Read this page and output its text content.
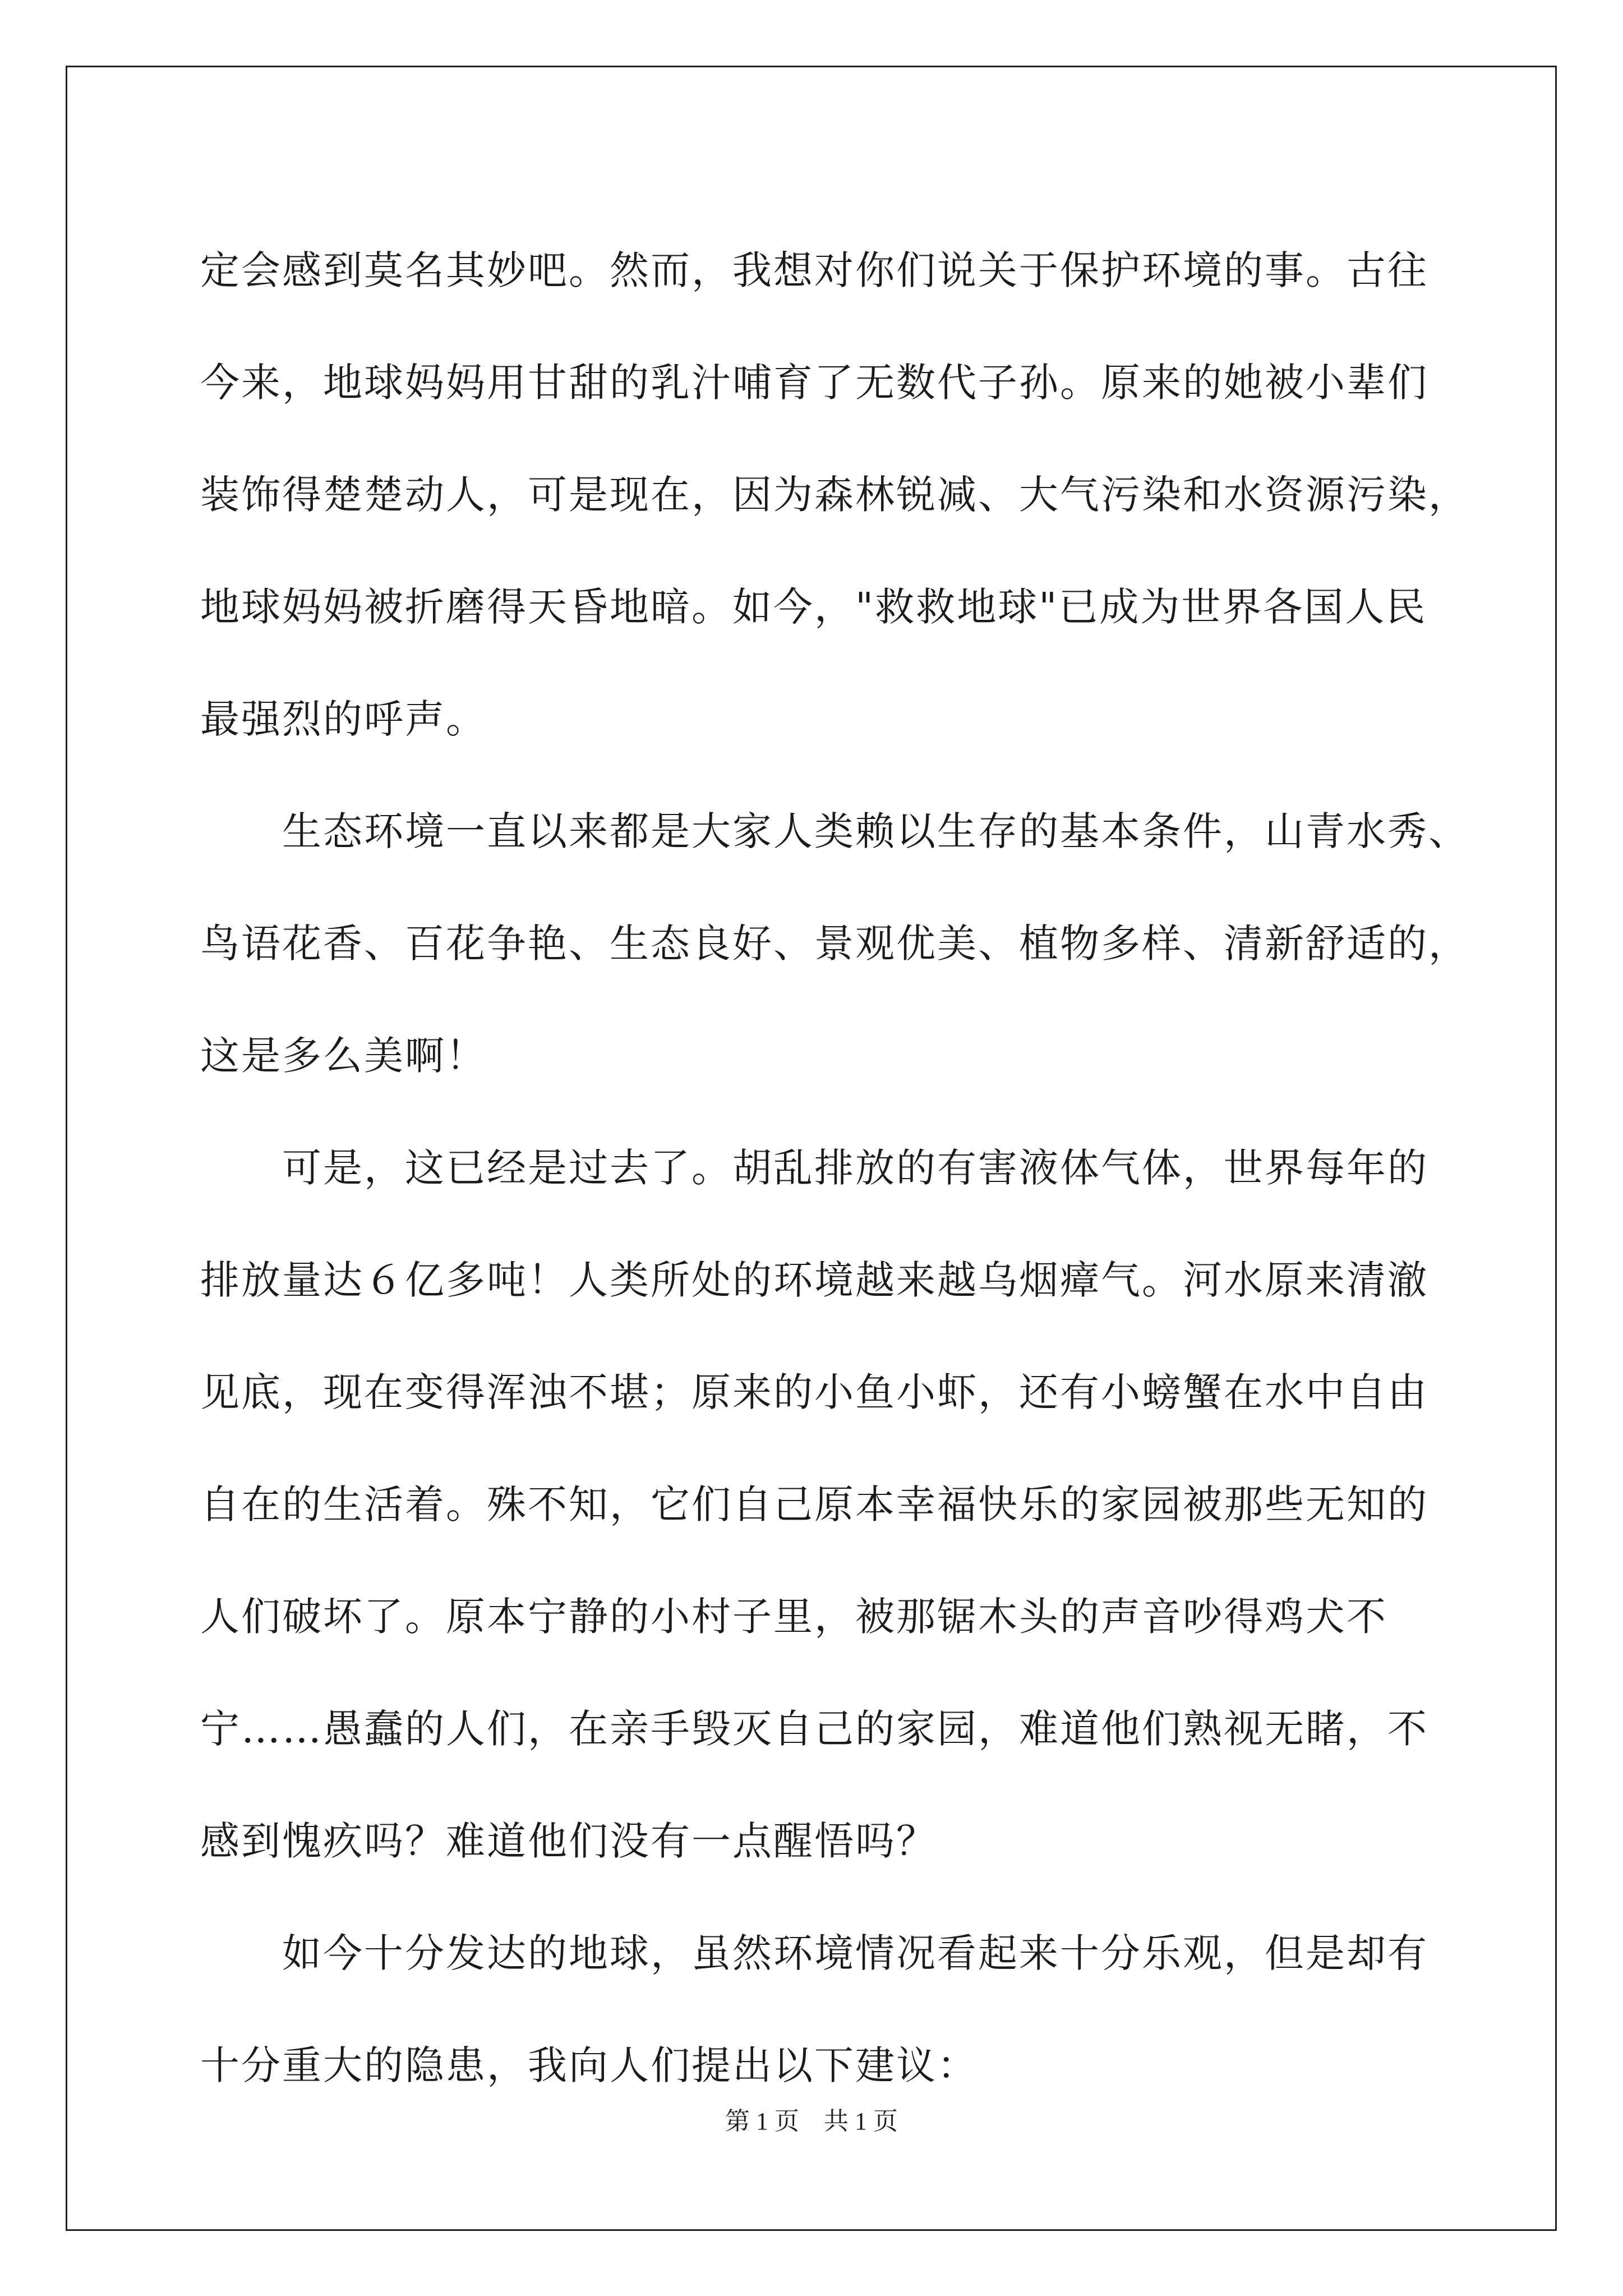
定会感到莫名其妙吧。然而，我想对你们说关于保护环境的事。古往
今来，地球妈妈用甘甜的乳汁哺育了无数代子孙。原来的她被小辈们
装饰得楚楚动人，可是现在，因为森林锐减、大气污染和水资源污染，
地球妈妈被折磨得天昏地暗。如今，"救救地球"已成为世界各国人民
最强烈的呼声。
　　生态环境一直以来都是大家人类赖以生存的基本条件，山青水秀、
鸟语花香、百花争艳、生态良好、景观优美、植物多样、清新舒适的，
这是多么美啊！
　　可是，这已经是过去了。胡乱排放的有害液体气体，世界每年的
排放量达６亿多吨！人类所处的环境越来越乌烟瘴气。河水原来清澈
见底，现在变得浑浊不堪；原来的小鱼小虾，还有小螃蟹在水中自由
自在的生活着。殊不知，它们自己原本幸福快乐的家园被那些无知的
人们破坏了。原本宁静的小村子里，被那锯木头的声音吵得鸡犬不
宁……愚蠢的人们，在亲手毁灭自己的家园，难道他们熟视无睹，不
感到愧疚吗？难道他们没有一点醒悟吗？
　　如今十分发达的地球，虽然环境情况看起来十分乐观，但是却有
十分重大的隐患，我向人们提出以下建议：
第 1 页　共 1 页
